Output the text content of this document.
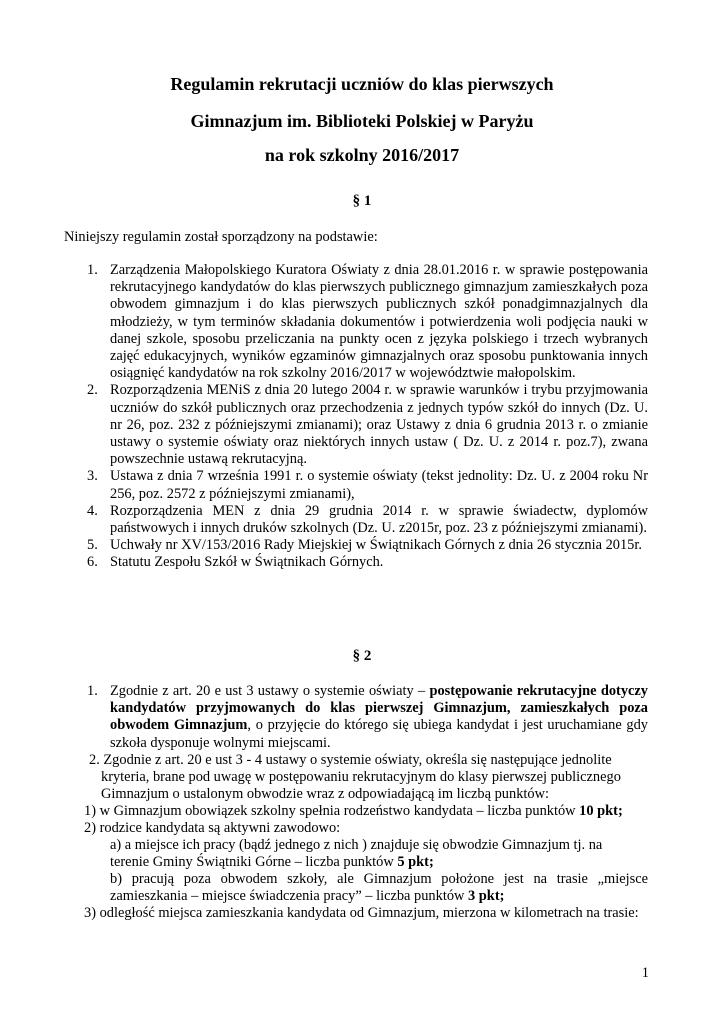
Regulamin rekrutacji uczniów do klas pierwszych
Gimnazjum im. Biblioteki Polskiej w Paryżu
na rok szkolny 2016/2017
§ 1
Niniejszy regulamin został sporządzony na podstawie:
1. Zarządzenia Małopolskiego Kuratora Oświaty z dnia 28.01.2016 r. w sprawie postępowania rekrutacyjnego kandydatów do klas pierwszych publicznego gimnazjum zamieszkałych poza obwodem gimnazjum i do klas pierwszych publicznych szkół ponadgimnazjalnych dla młodzieży, w tym terminów składania dokumentów i potwierdzenia woli podjęcia nauki w danej szkole, sposobu przeliczania na punkty ocen z języka polskiego i trzech wybranych zajęć edukacyjnych, wyników egzaminów gimnazjalnych oraz sposobu punktowania innych osiągnięć kandydatów na rok szkolny 2016/2017 w województwie małopolskim.
2. Rozporządzenia MENiS z dnia 20 lutego 2004 r. w sprawie warunków i trybu przyjmowania uczniów do szkół publicznych oraz przechodzenia z jednych typów szkół do innych (Dz. U. nr 26, poz. 232 z późniejszymi zmianami); oraz Ustawy z dnia 6 grudnia 2013 r. o zmianie ustawy o systemie oświaty oraz niektórych innych ustaw ( Dz. U. z 2014 r. poz.7), zwana powszechnie ustawą rekrutacyjną.
3. Ustawa z dnia 7 września 1991 r. o systemie oświaty (tekst jednolity: Dz. U. z 2004 roku Nr 256, poz. 2572 z późniejszymi zmianami),
4. Rozporządzenia MEN z dnia 29 grudnia 2014 r. w sprawie świadectw, dyplomów państwowych i innych druków szkolnych (Dz. U. z2015r, poz. 23 z późniejszymi zmianami).
5. Uchwały nr XV/153/2016 Rady Miejskiej w Świątnikach Górnych z dnia 26 stycznia 2015r.
6. Statutu Zespołu Szkół w Świątnikach Górnych.
§ 2
1. Zgodnie z art. 20 e ust 3 ustawy o systemie oświaty – postępowanie rekrutacyjne dotyczy kandydatów przyjmowanych do klas pierwszej Gimnazjum, zamieszkałych poza obwodem Gimnazjum, o przyjęcie do którego się ubiega kandydat i jest uruchamiane gdy szkoła dysponuje wolnymi miejscami.
2. Zgodnie z art. 20 e ust 3 - 4 ustawy o systemie oświaty, określa się następujące jednolite
kryteria, brane pod uwagę w postępowaniu rekrutacyjnym do klasy pierwszej publicznego
Gimnazjum o ustalonym obwodzie wraz z odpowiadającą im liczbą punktów:
1) w Gimnazjum obowiązek szkolny spełnia rodzeństwo kandydata – liczba punktów 10 pkt;
2) rodzice kandydata są aktywni zawodowo:
a) a miejsce ich pracy (bądź jednego z nich ) znajduje się obwodzie Gimnazjum tj. na
terenie Gminy Świątniki Górne – liczba punktów 5 pkt;
b) pracują poza obwodem szkoły, ale Gimnazjum położone jest na trasie „miejsce
zamieszkania – miejsce świadczenia pracy” – liczba punktów 3 pkt;
3) odległość miejsca zamieszkania kandydata od Gimnazjum, mierzona w kilometrach na trasie:
1
